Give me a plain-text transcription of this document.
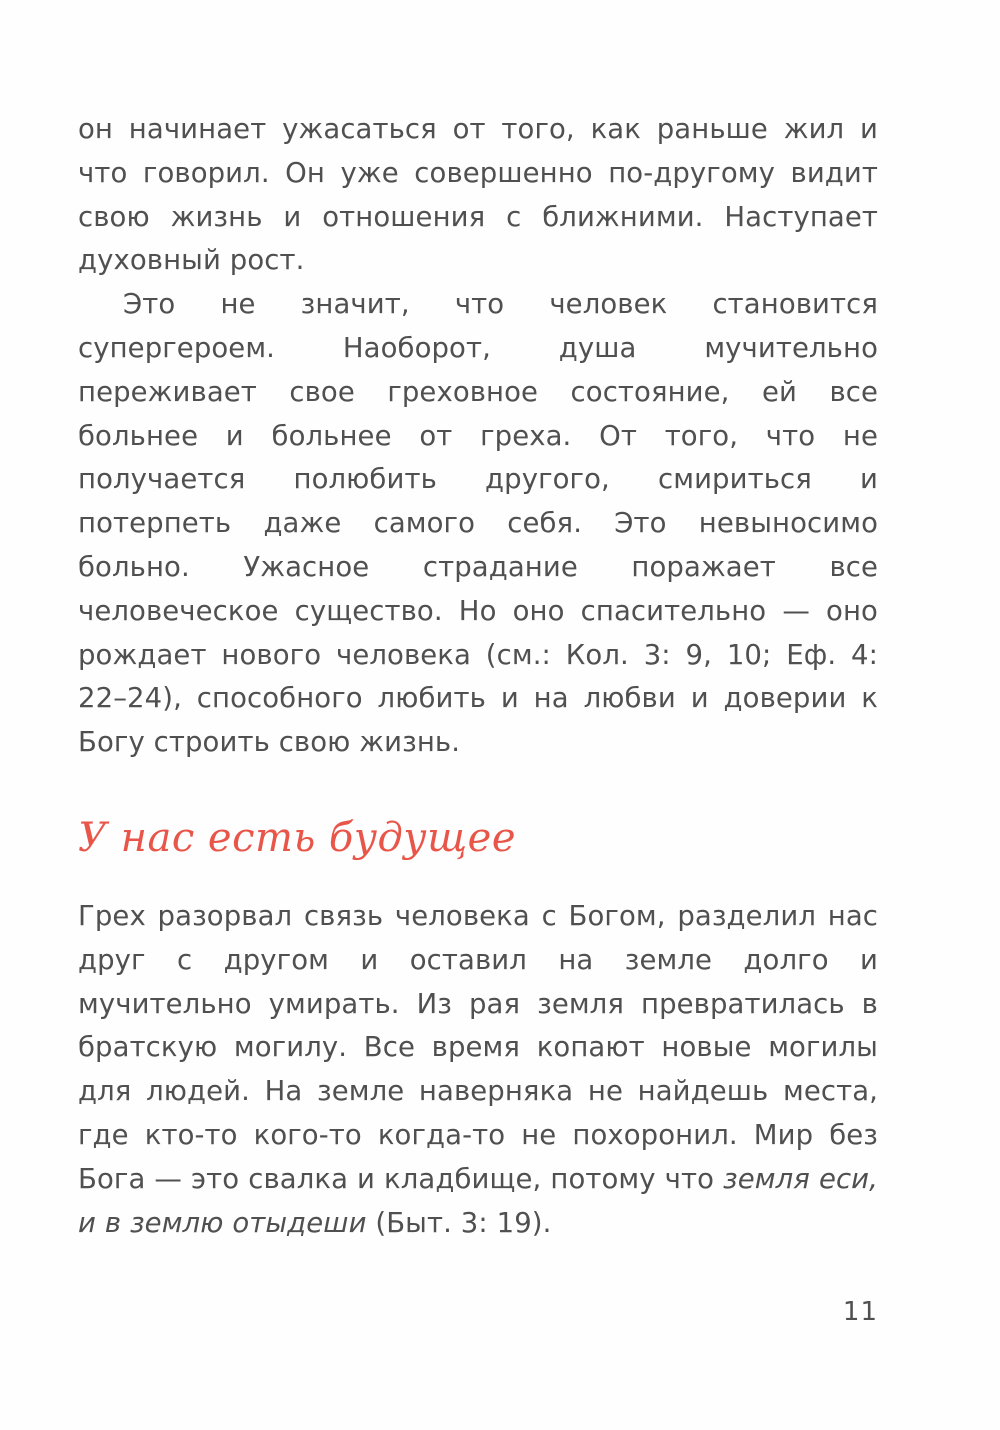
он начинает ужасаться от того, как раньше жил и что говорил. Он уже совершенно по-другому видит свою жизнь и отношения с ближними. Наступает духовный рост.

Это не значит, что человек становится супергероем. Наоборот, душа мучительно переживает свое греховное состояние, ей все больнее и больнее от греха. От того, что не получается полюбить другого, смириться и потерпеть даже самого себя. Это невыносимо больно. Ужасное страдание поражает все человеческое существо. Но оно спасительно — оно рождает нового человека (см.: Кол. 3: 9, 10; Еф. 4: 22–24), способного любить и на любви и доверии к Богу строить свою жизнь.

У нас есть будущее

Грех разорвал связь человека с Богом, разделил нас друг с другом и оставил на земле долго и мучительно умирать. Из рая земля превратилась в братскую могилу. Все время копают новые могилы для людей. На земле наверняка не найдешь места, где кто-то кого-то когда-то не похоронил. Мир без Бога — это свалка и кладбище, потому что земля еси, и в землю отыдеши (Быт. 3: 19).

11
